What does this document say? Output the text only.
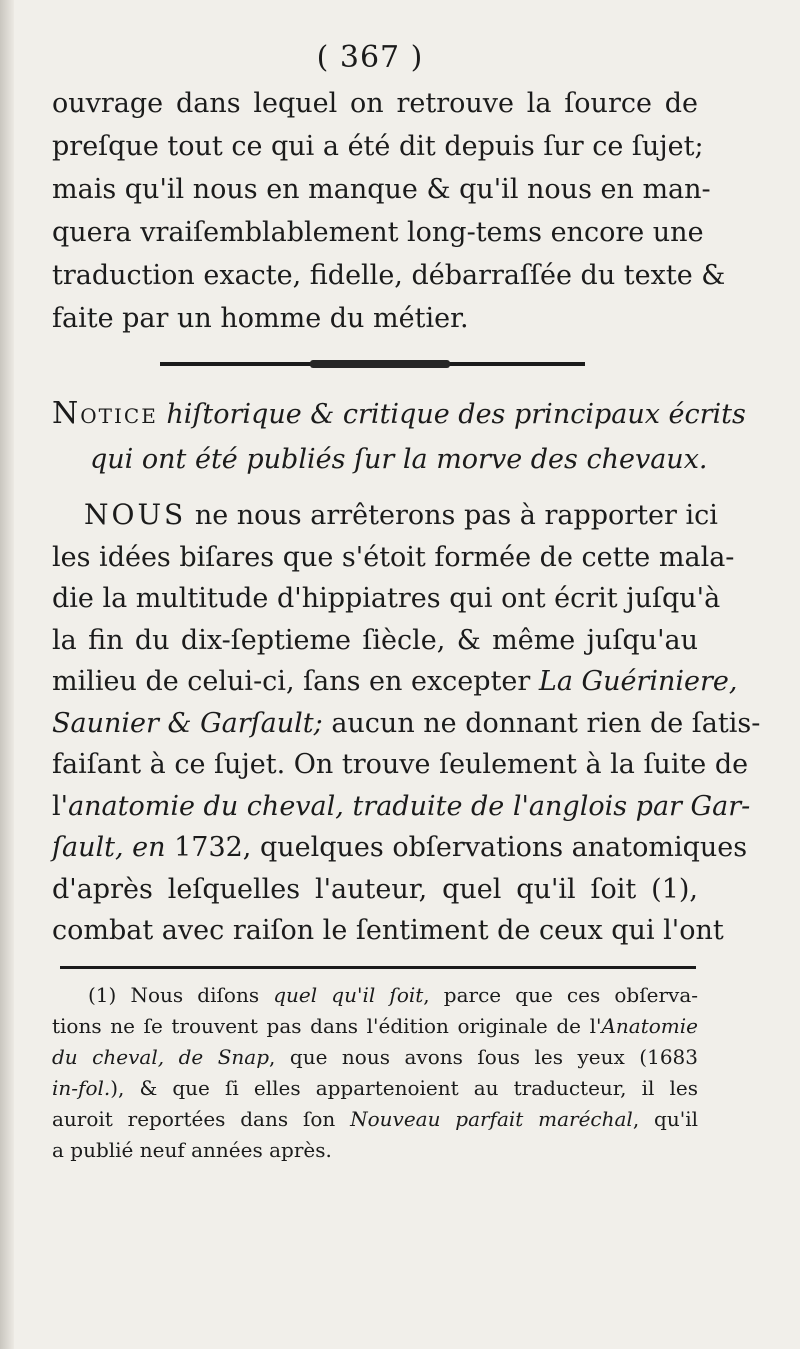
( 367 )
ouvrage dans lequel on retrouve la ſource de
preſque tout ce qui a été dit depuis ſur ce ſujet;
mais qu'il nous en manque & qu'il nous en man-
quera vraiſemblablement long-tems encore une
traduction exacte, fidelle, débarraſſée du texte &
faite par un homme du métier.
NOTICE hiſtorique & critique des principaux écrits
qui ont été publiés ſur la morve des chevaux.
NOUS ne nous arrêterons pas à rapporter ici
les idées biſares que s'étoit formée de cette mala-
die la multitude d'hippiatres qui ont écrit juſqu'à
la fin du dix-ſeptieme ſiècle, & même juſqu'au
milieu de celui-ci, ſans en excepter La Guériniere,
Saunier & Garſault; aucun ne donnant rien de ſatis-
faiſant à ce ſujet. On trouve ſeulement à la ſuite de
l'anatomie du cheval, traduite de l'anglois par Gar-
ſault, en 1732, quelques obſervations anatomiques
d'après leſquelles l'auteur, quel qu'il ſoit (1),
combat avec raiſon le ſentiment de ceux qui l'ont
(1) Nous diſons quel qu'il ſoit, parce que ces obſerva-
tions ne ſe trouvent pas dans l'édition originale de l'Anatomie
du cheval, de Snap, que nous avons ſous les yeux (1683
in-fol.), & que ſi elles appartenoient au traducteur, il les
auroit reportées dans ſon Nouveau parfait maréchal, qu'il
a publié neuf années après.
